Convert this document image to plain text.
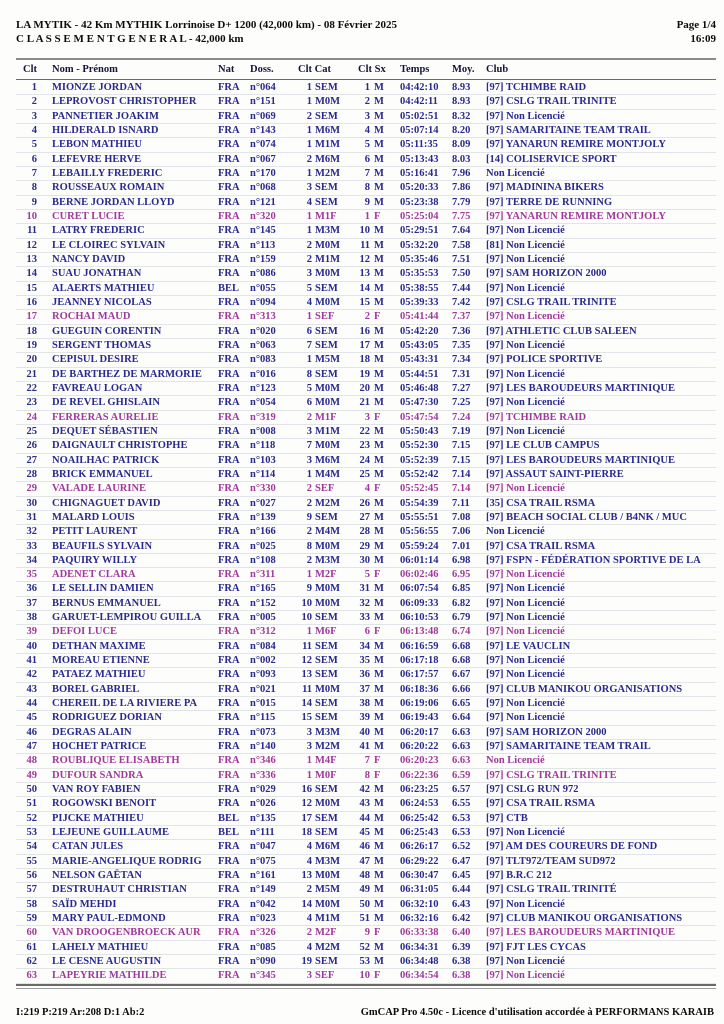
LA MYTIK - 42 Km MYTHIK Lorrinoise D+ 1200 (42,000 km) - 08 Février 2025
C L A S S E M E N T G E N E R A L - 42,000 km
Page 1/4
16:09
Clt	Nom - Prénom	Nat	Doss.	Clt Cat	Clt Sx	Temps	Moy.	Club
1	MIONZE JORDAN	FRA n°064	1 SEM	1 M	04:42:10	8.93	[97] TCHIMBE RAID
2	LEPROVOST CHRISTOPHER	FRA n°151	1 M0M	2 M	04:42:11	8.93	[97] CSLG TRAIL TRINITE
3	PANNETIER JOAKIM	FRA n°069	2 SEM	3 M	05:02:51	8.32	[97] Non Licencié
4	HILDERALD ISNARD	FRA n°143	1 M6M	4 M	05:07:14	8.20	[97] SAMARITAINE TEAM TRAIL
5	LEBON MATHIEU	FRA n°074	1 M1M	5 M	05:11:35	8.09	[97] YANARUN REMIRE MONTJOLY
6	LEFEVRE HERVE	FRA n°067	2 M6M	6 M	05:13:43	8.03	[14] COLISERVICE SPORT
7	LEBAILLY FREDERIC	FRA n°170	1 M2M	7 M	05:16:41	7.96	Non Licencié
8	ROUSSEAUX ROMAIN	FRA n°068	3 SEM	8 M	05:20:33	7.86	[97] MADININA BIKERS
9	BERNE JORDAN LLOYD	FRA n°121	4 SEM	9 M	05:23:38	7.79	[97] TERRE DE RUNNING
10	CURET LUCIE	FRA n°320	1 M1F	1 F	05:25:04	7.75	[97] YANARUN REMIRE MONTJOLY
11	LATRY FREDERIC	FRA n°145	1 M3M	10 M	05:29:51	7.64	[97] Non Licencié
12	LE CLOIREC SYLVAIN	FRA n°113	2 M0M	11 M	05:32:20	7.58	[81] Non Licencié
13	NANCY DAVID	FRA n°159	2 M1M	12 M	05:35:46	7.51	[97] Non Licencié
14	SUAU JONATHAN	FRA n°086	3 M0M	13 M	05:35:53	7.50	[97] SAM HORIZON 2000
15	ALAERTS MATHIEU	BEL	n°055	5 SEM	14 M	05:38:55	7.44	[97] Non Licencié
16	JEANNEY NICOLAS	FRA n°094	4 M0M	15 M	05:39:33	7.42	[97] CSLG TRAIL TRINITE
17	ROCHAI MAUD	FRA n°313	1 SEF	2 F	05:41:44	7.37	[97] Non Licencié
18	GUEGUIN CORENTIN	FRA n°020	6 SEM	16 M	05:42:20	7.36	[97] ATHLETIC CLUB SALEEN
19	SERGENT THOMAS	FRA n°063	7 SEM	17 M	05:43:05	7.35	[97] Non Licencié
20	CEPISUL DESIRE	FRA n°083	1 M5M	18 M	05:43:31	7.34	[97] POLICE SPORTIVE
21	DE BARTHEZ DE MARMORIE	FRA n°016	8 SEM	19 M	05:44:51	7.31	[97] Non Licencié
22	FAVREAU LOGAN	FRA n°123	5 M0M	20 M	05:46:48	7.27	[97] LES BAROUDEURS MARTINIQUE
23	DE REVEL GHISLAIN	FRA n°054	6 M0M	21 M	05:47:30	7.25	[97] Non Licencié
24	FERRERAS AURELIE	FRA n°319	2 M1F	3 F	05:47:54	7.24	[97] TCHIMBE RAID
25	DEQUET SÉBASTIEN	FRA n°008	3 M1M	22 M	05:50:43	7.19	[97] Non Licencié
26	DAIGNAULT CHRISTOPHE	FRA n°118	7 M0M	23 M	05:52:30	7.15	[97] LE CLUB CAMPUS
27	NOAILHAC PATRICK	FRA n°103	3 M6M	24 M	05:52:39	7.15	[97] LES BAROUDEURS MARTINIQUE
28	BRICK EMMANUEL	FRA n°114	1 M4M	25 M	05:52:42	7.14	[97] ASSAUT SAINT-PIERRE
29	VALADE LAURINE	FRA n°330	2 SEF	4 F	05:52:45	7.14	[97] Non Licencié
30	CHIGNAGUET DAVID	FRA n°027	2 M2M	26 M	05:54:39	7.11	[35] CSA TRAIL RSMA
31	MALARD LOUIS	FRA n°139	9 SEM	27 M	05:55:51	7.08	[97] BEACH SOCIAL CLUB / B4NK / MUC
32	PETIT LAURENT	FRA n°166	2 M4M	28 M	05:56:55	7.06	Non Licencié
33	BEAUFILS SYLVAIN	FRA n°025	8 M0M	29 M	05:59:24	7.01	[97] CSA TRAIL RSMA
34	PAQUIRY WILLY	FRA n°108	2 M3M	30 M	06:01:14	6.98	[97] FSPN - FÉDÉRATION SPORTIVE DE LA
35	ADENET CLARA	FRA n°311	1 M2F	5 F	06:02:46	6.95	[97] Non Licencié
36	LE SELLIN DAMIEN	FRA n°165	9 M0M	31 M	06:07:54	6.85	[97] Non Licencié
37	BERNUS EMMANUEL	FRA n°152	10 M0M	32 M	06:09:33	6.82	[97] Non Licencié
38	GARUET-LEMPIROU GUILLA	FRA n°005	10 SEM	33 M	06:10:53	6.79	[97] Non Licencié
39	DEFOI LUCE	FRA n°312	1 M6F	6 F	06:13:48	6.74	[97] Non Licencié
40	DETHAN MAXIME	FRA n°084	11 SEM	34 M	06:16:59	6.68	[97] LE VAUCLIN
41	MOREAU ETIENNE	FRA n°002	12 SEM	35 M	06:17:18	6.68	[97] Non Licencié
42	PATAEZ MATHIEU	FRA n°093	13 SEM	36 M	06:17:57	6.67	[97] Non Licencié
43	BOREL GABRIEL	FRA n°021	11 M0M	37 M	06:18:36	6.66	[97] CLUB MANIKOU ORGANISATIONS
44	CHEREIL DE LA RIVIERE PA	FRA n°015	14 SEM	38 M	06:19:06	6.65	[97] Non Licencié
45	RODRIGUEZ DORIAN	FRA n°115	15 SEM	39 M	06:19:43	6.64	[97] Non Licencié
46	DEGRAS ALAIN	FRA n°073	3 M3M	40 M	06:20:17	6.63	[97] SAM HORIZON 2000
47	HOCHET PATRICE	FRA n°140	3 M2M	41 M	06:20:22	6.63	[97] SAMARITAINE TEAM TRAIL
48	ROUBLIQUE ELISABETH	FRA n°346	1 M4F	7 F	06:20:23	6.63	Non Licencié
49	DUFOUR SANDRA	FRA n°336	1 M0F	8 F	06:22:36	6.59	[97] CSLG TRAIL TRINITE
50	VAN ROY FABIEN	FRA n°029	16 SEM	42 M	06:23:25	6.57	[97] CSLG RUN 972
51	ROGOWSKI BENOIT	FRA n°026	12 M0M	43 M	06:24:53	6.55	[97] CSA TRAIL RSMA
52	PIJCKE MATHIEU	BEL	n°135	17 SEM	44 M	06:25:42	6.53	[97] CTB
53	LEJEUNE GUILLAUME	BEL	n°111	18 SEM	45 M	06:25:43	6.53	[97] Non Licencié
54	CATAN JULES	FRA n°047	4 M6M	46 M	06:26:17	6.52	[97] AM DES COUREURS DE FOND
55	MARIE-ANGELIQUE RODRIG	FRA n°075	4 M3M	47 M	06:29:22	6.47	[97] TLT972/TEAM SUD972
56	NELSON GAËTAN	FRA n°161	13 M0M	48 M	06:30:47	6.45	[97] B.R.C 212
57	DESTRUHAUT CHRISTIAN	FRA n°149	2 M5M	49 M	06:31:05	6.44	[97] CSLG TRAIL TRINITÉ
58	SAÏD MEHDI	FRA n°042	14 M0M	50 M	06:32:10	6.43	[97] Non Licencié
59	MARY PAUL-EDMOND	FRA n°023	4 M1M	51 M	06:32:16	6.42	[97] CLUB MANIKOU ORGANISATIONS
60	VAN DROOGENBROECK AUR	FRA n°326	2 M2F	9 F	06:33:38	6.40	[97] LES BAROUDEURS MARTINIQUE
61	LAHELY MATHIEU	FRA n°085	4 M2M	52 M	06:34:31	6.39	[97] FJT LES CYCAS
62	LE CESNE AUGUSTIN	FRA n°090	19 SEM	53 M	06:34:48	6.38	[97] Non Licencié
63	LAPEYRIE MATHILDE	FRA n°345	3 SEF	10 F	06:34:54	6.38	[97] Non Licencié
I:219 P:219 Ar:208 D:1 Ab:2	GmCAP Pro 4.50c - Licence d'utilisation accordée à PERFORMANS KARAIB
